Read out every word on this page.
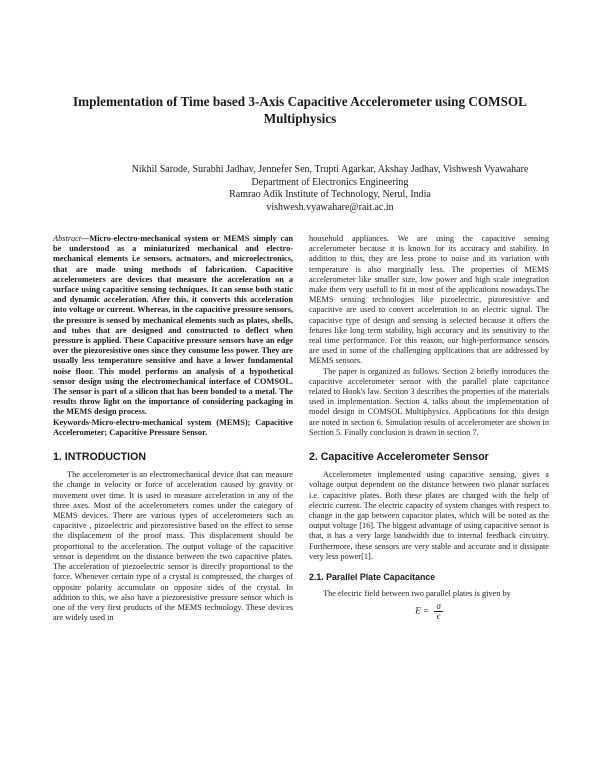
Implementation of Time based 3-Axis Capacitive Accelerometer using COMSOL Multiphysics
Nikhil Sarode, Surabhi Jadhav, Jennefer Sen, Trupti Agarkar, Akshay Jadhav, Vishwesh Vyawahare
Department of Electronics Engineering
Ramrao Adik Institute of Technology, Nerul, India
vishwesh.vyawahare@rait.ac.in

Abstract—Micro-electro-mechanical system or MEMS simply can be understood as a miniaturized mechanical and electro-mechanical elements i.e sensors, actuators, and microelectronics, that are made using methods of fabrication. Capacitive accelerometers are devices that measure the acceleration on a surface using capacitive sensing techniques. It can sense both static and dynamic acceleration. After this, it converts this acceleration into voltage or current. Whereas, in the capacitive pressure sensors, the pressure is sensed by mechanical elements such as plates, shells, and tubes that are designed and constructed to deflect when pressure is applied. These Capacitive pressure sensors have an edge over the piezoresistive ones since they consume less power. They are usually less temperature sensitive and have a lower fundamental noise floor. This model performs an analysis of a hypothetical sensor design using the electromechanical interface of COMSOL. The sensor is part of a silicon that has been bonded to a metal. The results throw light on the importance of considering packaging in the MEMS design process.

Keywords-Micro-electro-mechanical system (MEMS); Capacitive Accelerometer; Capacitive Pressure Sensor.

1. INTRODUCTION

The accelerometer is an electromechanical device that can measure the change in velocity or force of acceleration caused by gravity or movement over time. It is used to measure acceleration in any of the three axes. Most of the accelerometers comes under the category of MEMS devices. There are various types of accelerometers such as capacitive , pizoelectric and piezoresistive based on the effect to sense the displacement of the proof mass. This displacement should be proportional to the acceleration. The output voltage of the capacitive sensor is dependent on the distance between the two capacitive plates. The acceleration of piezoelectric sensor is directly proportional to the force. Whenever certain type of a crystal is compressed, the charges of opposite polarity accumulate on opposite sides of the crystal. In addition to this, we also have a piezoresistive pressure sensor which is one of the very first products of the MEMS technology. These devices are widely used in

household appliances. We are using the capacitive sensing accelerometer because it is known for its accuracy and stability. In addition to this, they are less prone to noise and its variation with temperature is also marginally less. The properties of MEMS accelerometer like smaller size, low power and high scale integration make them very usefull to fit in most of the applications nowadays.The MEMS sensing technologies like pizoelectric, pizoresistive and capacitive are used to convert acceleration to an electric signal. The capacitive type of design and sensing is selected because it offers the fetures like long term stability, high accuracy and its sensitivity to the real time performance. For this reason, our high-performance sensors are used in some of the challenging applications that are addressed by MEMS sensors.

The paper is organized as follows. Section 2 briefly introduces the capacitive accelerometer sensor with the parallel plate capcitance related to Hook's law. Section 3 describes the properties of the materials used in implementation. Section 4, talks about the implementation of model design in COMSOL Multiphysics. Applications for this design are noted in section 6. Simulation results of accelerometer are shown in Section 5. Finally conclusion is drawn in section 7.

2. Capacitive Accelerometer Sensor

Accelerometer implemented using capacitive sensing, gives a voltage output dependent on the distance between two planar surfaces i.e. capacitive plates. Both these plates are charged with the help of electric current. The electric capacity of system changes with respect to change in the gap between capacitor plates, which will be noted as the output voltage [16]. The biggest advantage of using capacitive sensor is that, it has a very large bandwidth due to internal feedback circuitry. Furthermore, these sensors are very stable and accurate and it dissipate very less power[1].

2.1. Parallel Plate Capacitance

The electric field between two parallel plates is given by

$E = \frac{\sigma}{\epsilon}$
